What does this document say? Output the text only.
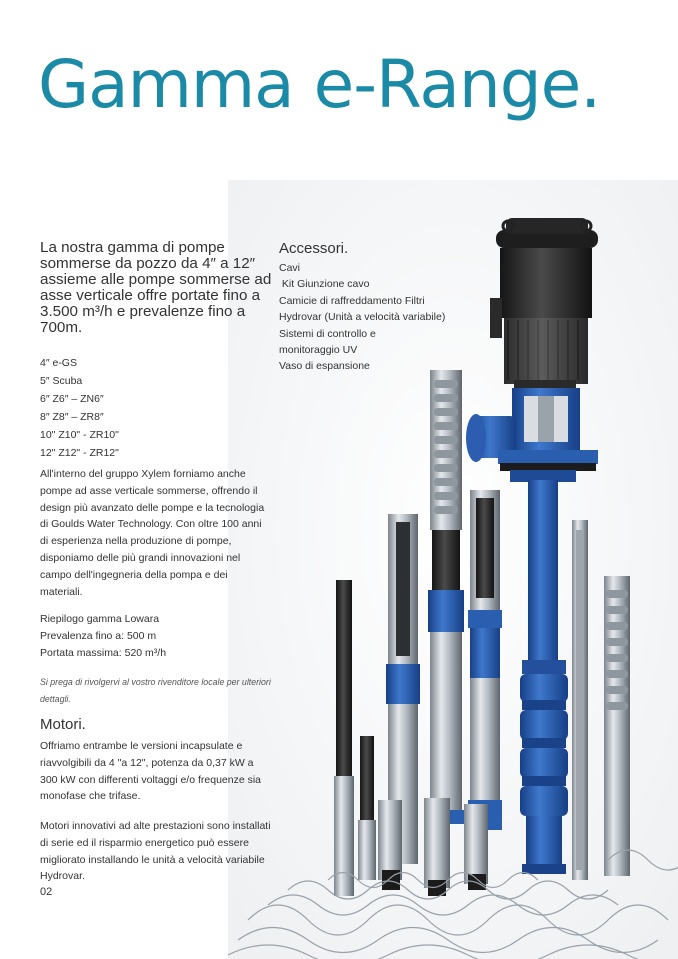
Gamma e-Range.
La nostra gamma di pompe sommerse da pozzo da 4″ a 12″ assieme alle pompe sommerse ad asse verticale offre portate fino a 3.500 m³/h e prevalenze fino a 700m.
4″ e-GS
5″ Scuba
6″ Z6″ – ZN6″
8″ Z8″ – ZR8″
10" Z10" - ZR10"
12" Z12" - ZR12"
All'interno del gruppo Xylem forniamo anche pompe ad asse verticale sommerse, offrendo il design più avanzato delle pompe e la tecnologia di Goulds Water Technology. Con oltre 100 anni di esperienza nella produzione di pompe, disponiamo delle più grandi innovazioni nel campo dell'ingegneria della pompa e dei materiali.
Riepilogo gamma Lowara
Prevalenza fino a: 500 m
Portata massima: 520 m³/h
Si prega di rivolgervi al vostro rivenditore locale per ulteriori dettagli.
Motori.
Offriamo entrambe le versioni incapsulate e riavvolgibili da 4 "a 12", potenza da 0,37 kW a 300 kW con differenti voltaggi e/o frequenze sia monofase che trifase.
Motori innovativi ad alte prestazioni sono installati di serie ed il risparmio energetico può essere migliorato installando le unità a velocità variabile Hydrovar.
02
Accessori.
Cavi
Kit Giunzione cavo
Camicie di raffreddamento Filtri
Hydrovar (Unità a velocità variabile)
Sistemi di controllo e
monitoraggio UV
Vaso di espansione
